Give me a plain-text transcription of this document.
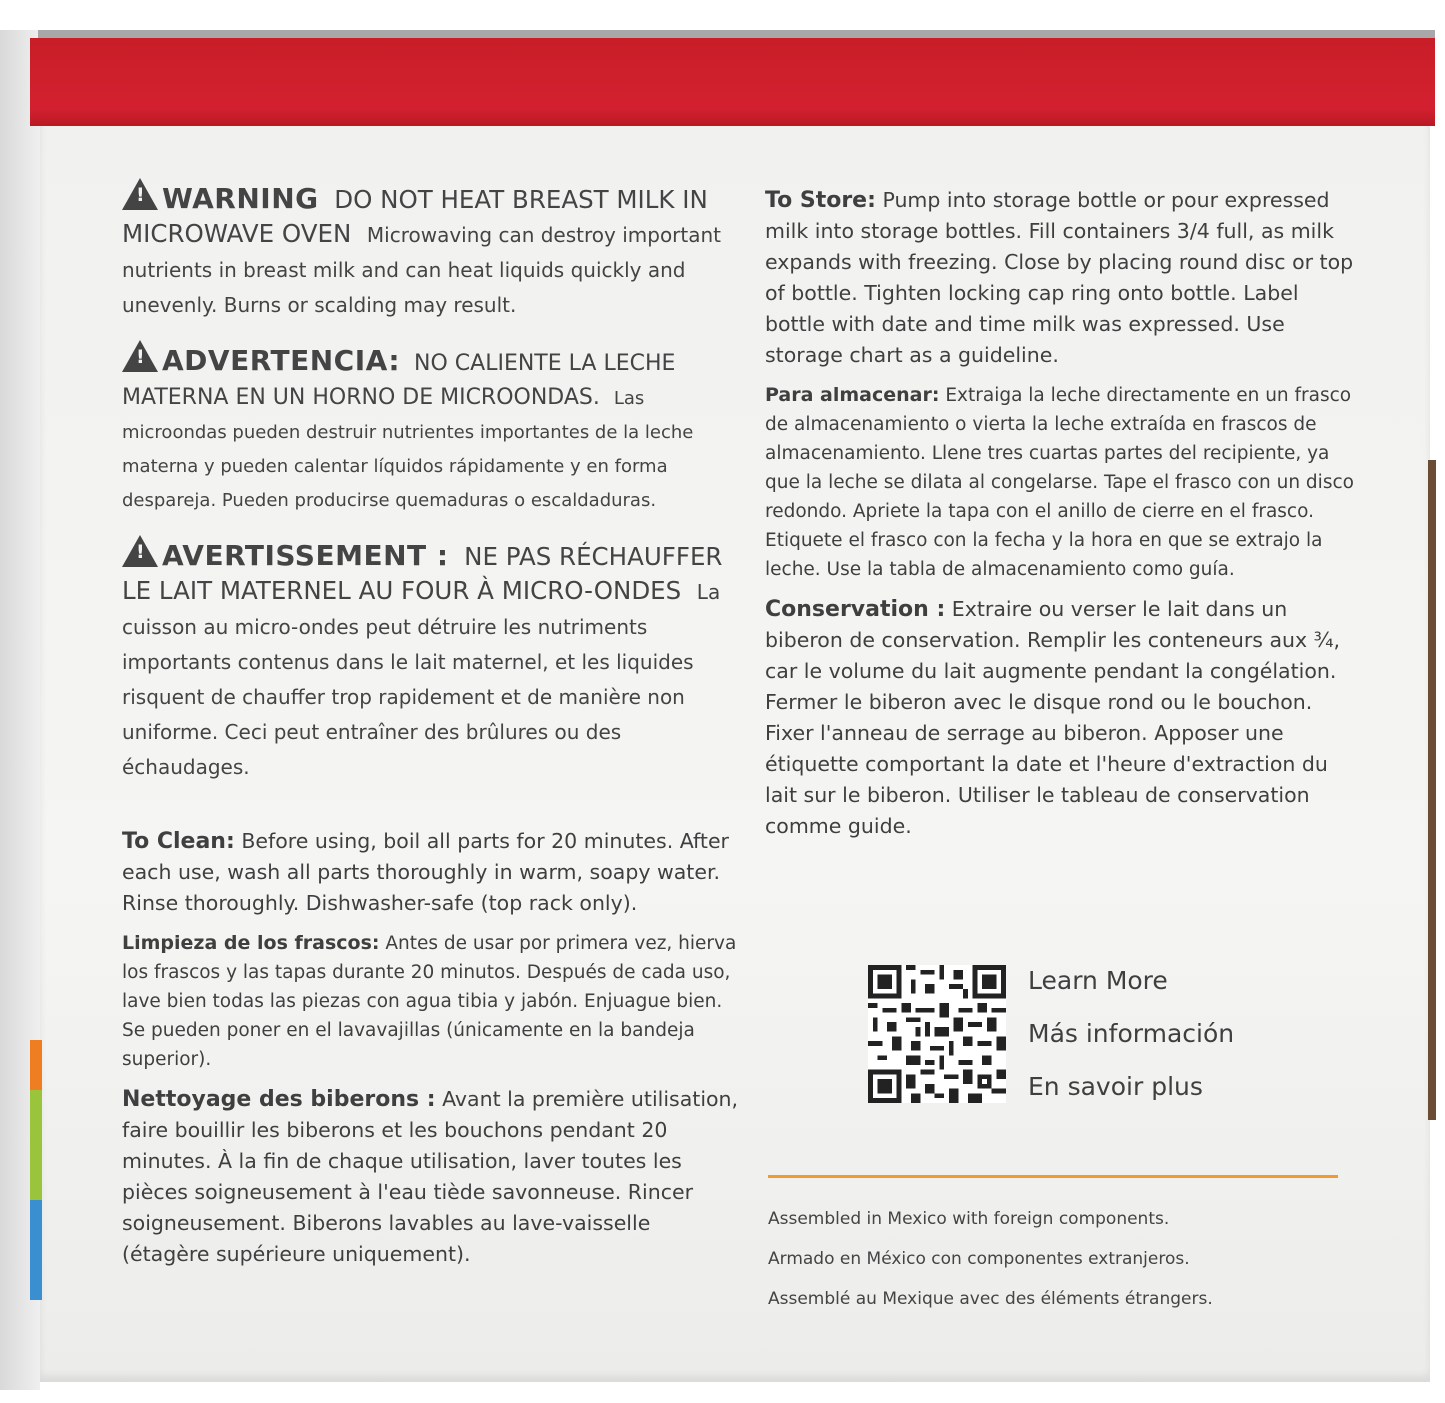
!WARNING DO NOT HEAT BREAST MILK IN MICROWAVE OVEN Microwaving can destroy important nutrients in breast milk and can heat liquids quickly and unevenly. Burns or scalding may result.

!ADVERTENCIA: NO CALIENTE LA LECHE MATERNA EN UN HORNO DE MICROONDAS. Las microondas pueden destruir nutrientes importantes de la leche materna y pueden calentar líquidos rápidamente y en forma despareja. Pueden producirse quemaduras o escaldaduras.

!AVERTISSEMENT : NE PAS RÉCHAUFFER LE LAIT MATERNEL AU FOUR À MICRO-ONDES La cuisson au micro-ondes peut détruire les nutriments importants contenus dans le lait maternel, et les liquides risquent de chauffer trop rapidement et de manière non uniforme. Ceci peut entraîner des brûlures ou des échaudages.

To Clean: Before using, boil all parts for 20 minutes. After each use, wash all parts thoroughly in warm, soapy water. Rinse thoroughly. Dishwasher-safe (top rack only).

Limpieza de los frascos: Antes de usar por primera vez, hierva los frascos y las tapas durante 20 minutos. Después de cada uso, lave bien todas las piezas con agua tibia y jabón. Enjuague bien. Se pueden poner en el lavavajillas (únicamente en la bandeja superior).

Nettoyage des biberons : Avant la première utilisation, faire bouillir les biberons et les bouchons pendant 20 minutes. À la fin de chaque utilisation, laver toutes les pièces soigneusement à l'eau tiède savonneuse. Rincer soigneusement. Biberons lavables au lave-vaisselle (étagère supérieure uniquement).

To Store: Pump into storage bottle or pour expressed milk into storage bottles. Fill containers 3/4 full, as milk expands with freezing. Close by placing round disc or top of bottle. Tighten locking cap ring onto bottle. Label bottle with date and time milk was expressed. Use storage chart as a guideline.

Para almacenar: Extraiga la leche directamente en un frasco de almacenamiento o vierta la leche extraída en frascos de almacenamiento. Llene tres cuartas partes del recipiente, ya que la leche se dilata al congelarse. Tape el frasco con un disco redondo. Apriete la tapa con el anillo de cierre en el frasco. Etiquete el frasco con la fecha y la hora en que se extrajo la leche. Use la tabla de almacenamiento como guía.

Conservation : Extraire ou verser le lait dans un biberon de conservation. Remplir les conteneurs aux ¾, car le volume du lait augmente pendant la congélation. Fermer le biberon avec le disque rond ou le bouchon. Fixer l'anneau de serrage au biberon. Apposer une étiquette comportant la date et l'heure d'extraction du lait sur le biberon. Utiliser le tableau de conservation comme guide.

Learn More
Más información
En savoir plus
Assembled in Mexico with foreign components.
Armado en México con componentes extranjeros.
Assemblé au Mexique avec des éléments étrangers.
